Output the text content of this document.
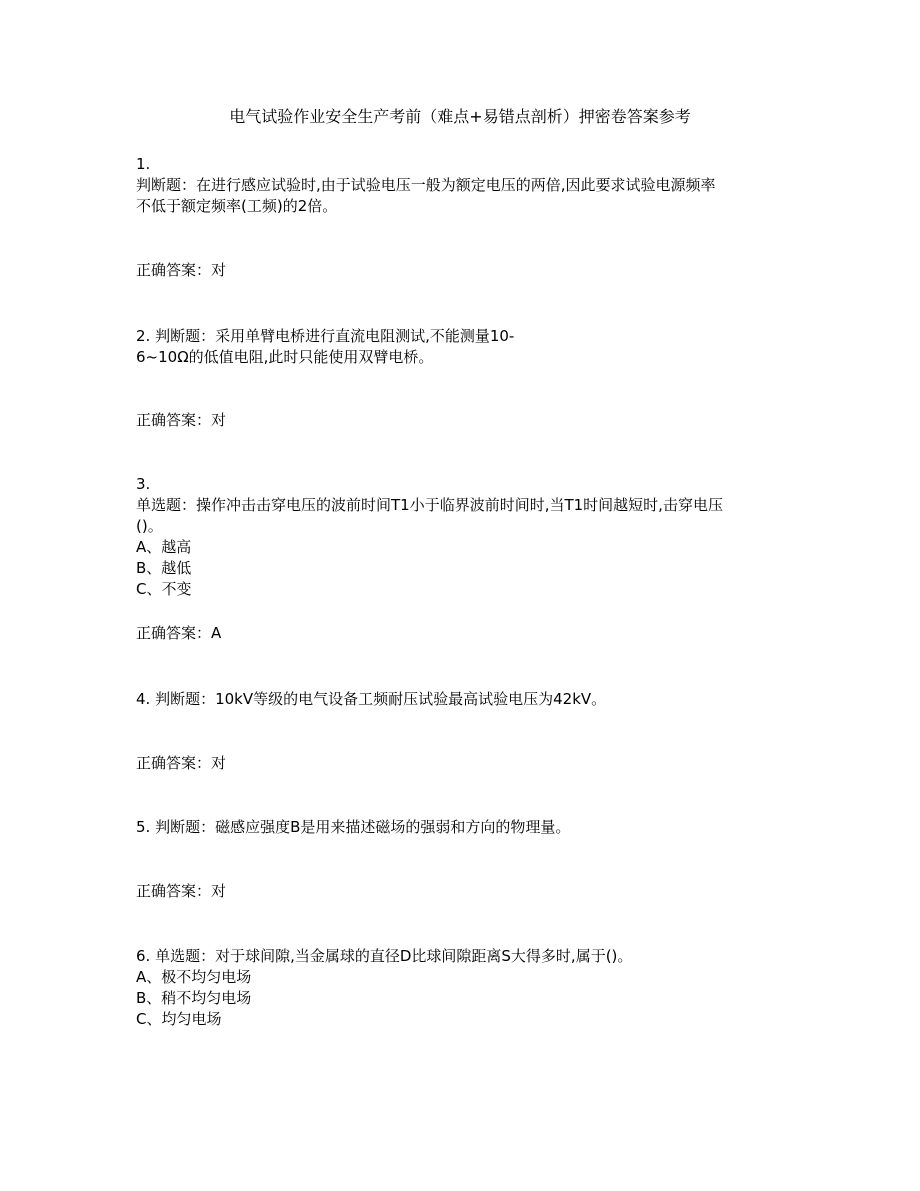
电气试验作业安全生产考前（难点+易错点剖析）押密卷答案参考
1.
判断题：在进行感应试验时,由于试验电压一般为额定电压的两倍,因此要求试验电源频率
不低于额定频率(工频)的2倍。
正确答案：对
2. 判断题：采用单臂电桥进行直流电阻测试,不能测量10-
6~10Ω的低值电阻,此时只能使用双臂电桥。
正确答案：对
3.
单选题：操作冲击击穿电压的波前时间T1小于临界波前时间时,当T1时间越短时,击穿电压
()。
A、越高
B、越低
C、不变
正确答案：A
4. 判断题：10kV等级的电气设备工频耐压试验最高试验电压为42kV。
正确答案：对
5. 判断题：磁感应强度B是用来描述磁场的强弱和方向的物理量。
正确答案：对
6. 单选题：对于球间隙,当金属球的直径D比球间隙距离S大得多时,属于()。
A、极不均匀电场
B、稍不均匀电场
C、均匀电场
